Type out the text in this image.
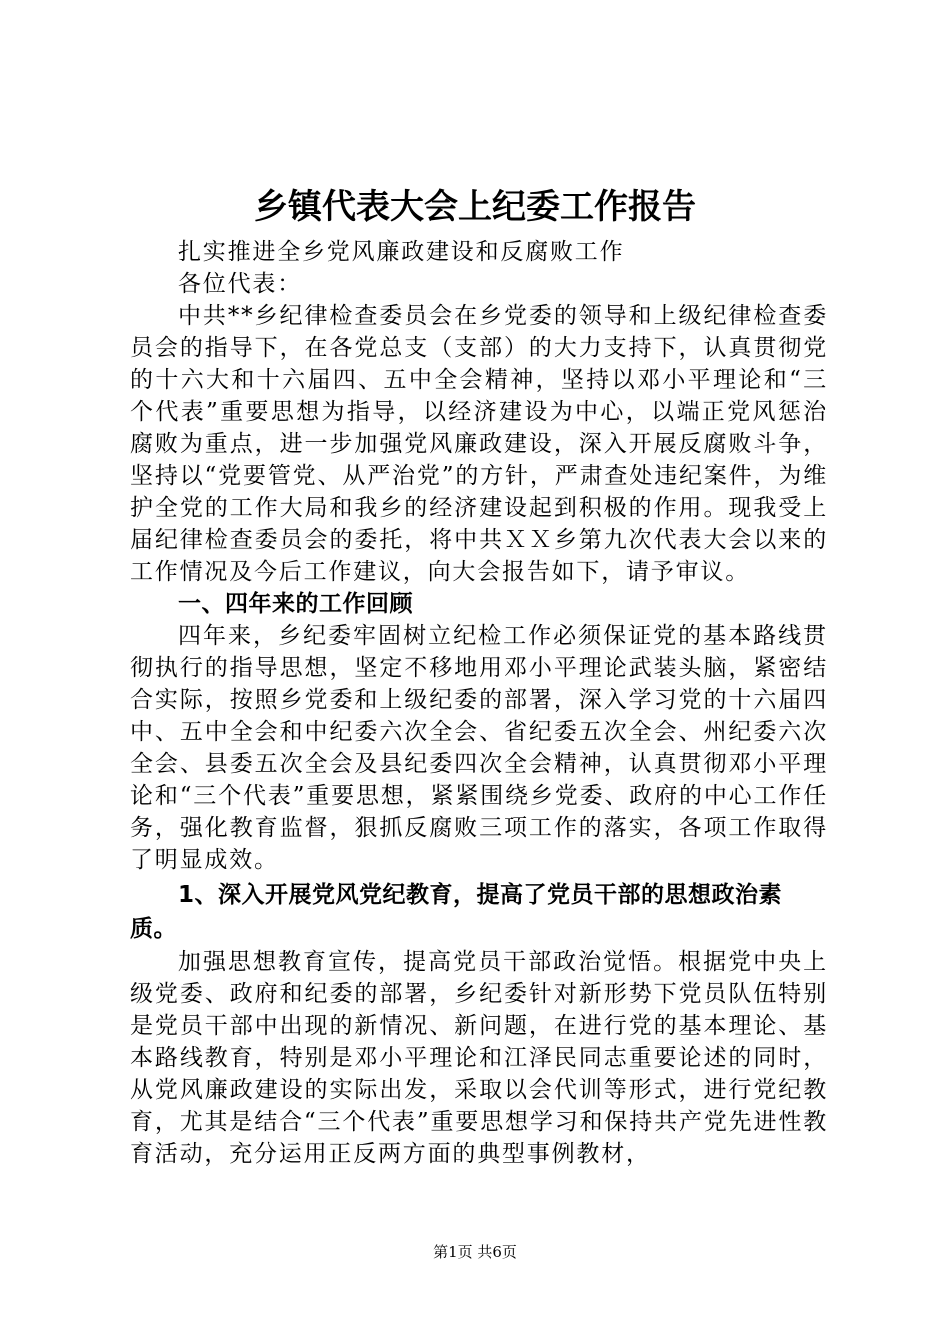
乡镇代表大会上纪委工作报告

扎实推进全乡党风廉政建设和反腐败工作

各位代表：

中共**乡纪律检查委员会在乡党委的领导和上级纪律检查委员会的指导下，在各党总支（支部）的大力支持下，认真贯彻党的十六大和十六届四、五中全会精神，坚持以邓小平理论和“三个代表”重要思想为指导，以经济建设为中心，以端正党风惩治腐败为重点，进一步加强党风廉政建设，深入开展反腐败斗争，坚持以“党要管党、从严治党”的方针，严肃查处违纪案件，为维护全党的工作大局和我乡的经济建设起到积极的作用。现我受上届纪律检查委员会的委托，将中共ＸＸ乡第九次代表大会以来的工作情况及今后工作建议，向大会报告如下，请予审议。

一、四年来的工作回顾

四年来，乡纪委牢固树立纪检工作必须保证党的基本路线贯彻执行的指导思想，坚定不移地用邓小平理论武装头脑，紧密结合实际，按照乡党委和上级纪委的部署，深入学习党的十六届四中、五中全会和中纪委六次全会、省纪委五次全会、州纪委六次全会、县委五次全会及县纪委四次全会精神，认真贯彻邓小平理论和“三个代表”重要思想，紧紧围绕乡党委、政府的中心工作任务，强化教育监督，狠抓反腐败三项工作的落实，各项工作取得了明显成效。

1、深入开展党风党纪教育，提高了党员干部的思想政治素质。

加强思想教育宣传，提高党员干部政治觉悟。根据党中央上级党委、政府和纪委的部署，乡纪委针对新形势下党员队伍特别是党员干部中出现的新情况、新问题，在进行党的基本理论、基本路线教育，特别是邓小平理论和江泽民同志重要论述的同时，从党风廉政建设的实际出发，采取以会代训等形式，进行党纪教育，尤其是结合“三个代表”重要思想学习和保持共产党先进性教育活动，充分运用正反两方面的典型事例教材，

第1页 共6页
